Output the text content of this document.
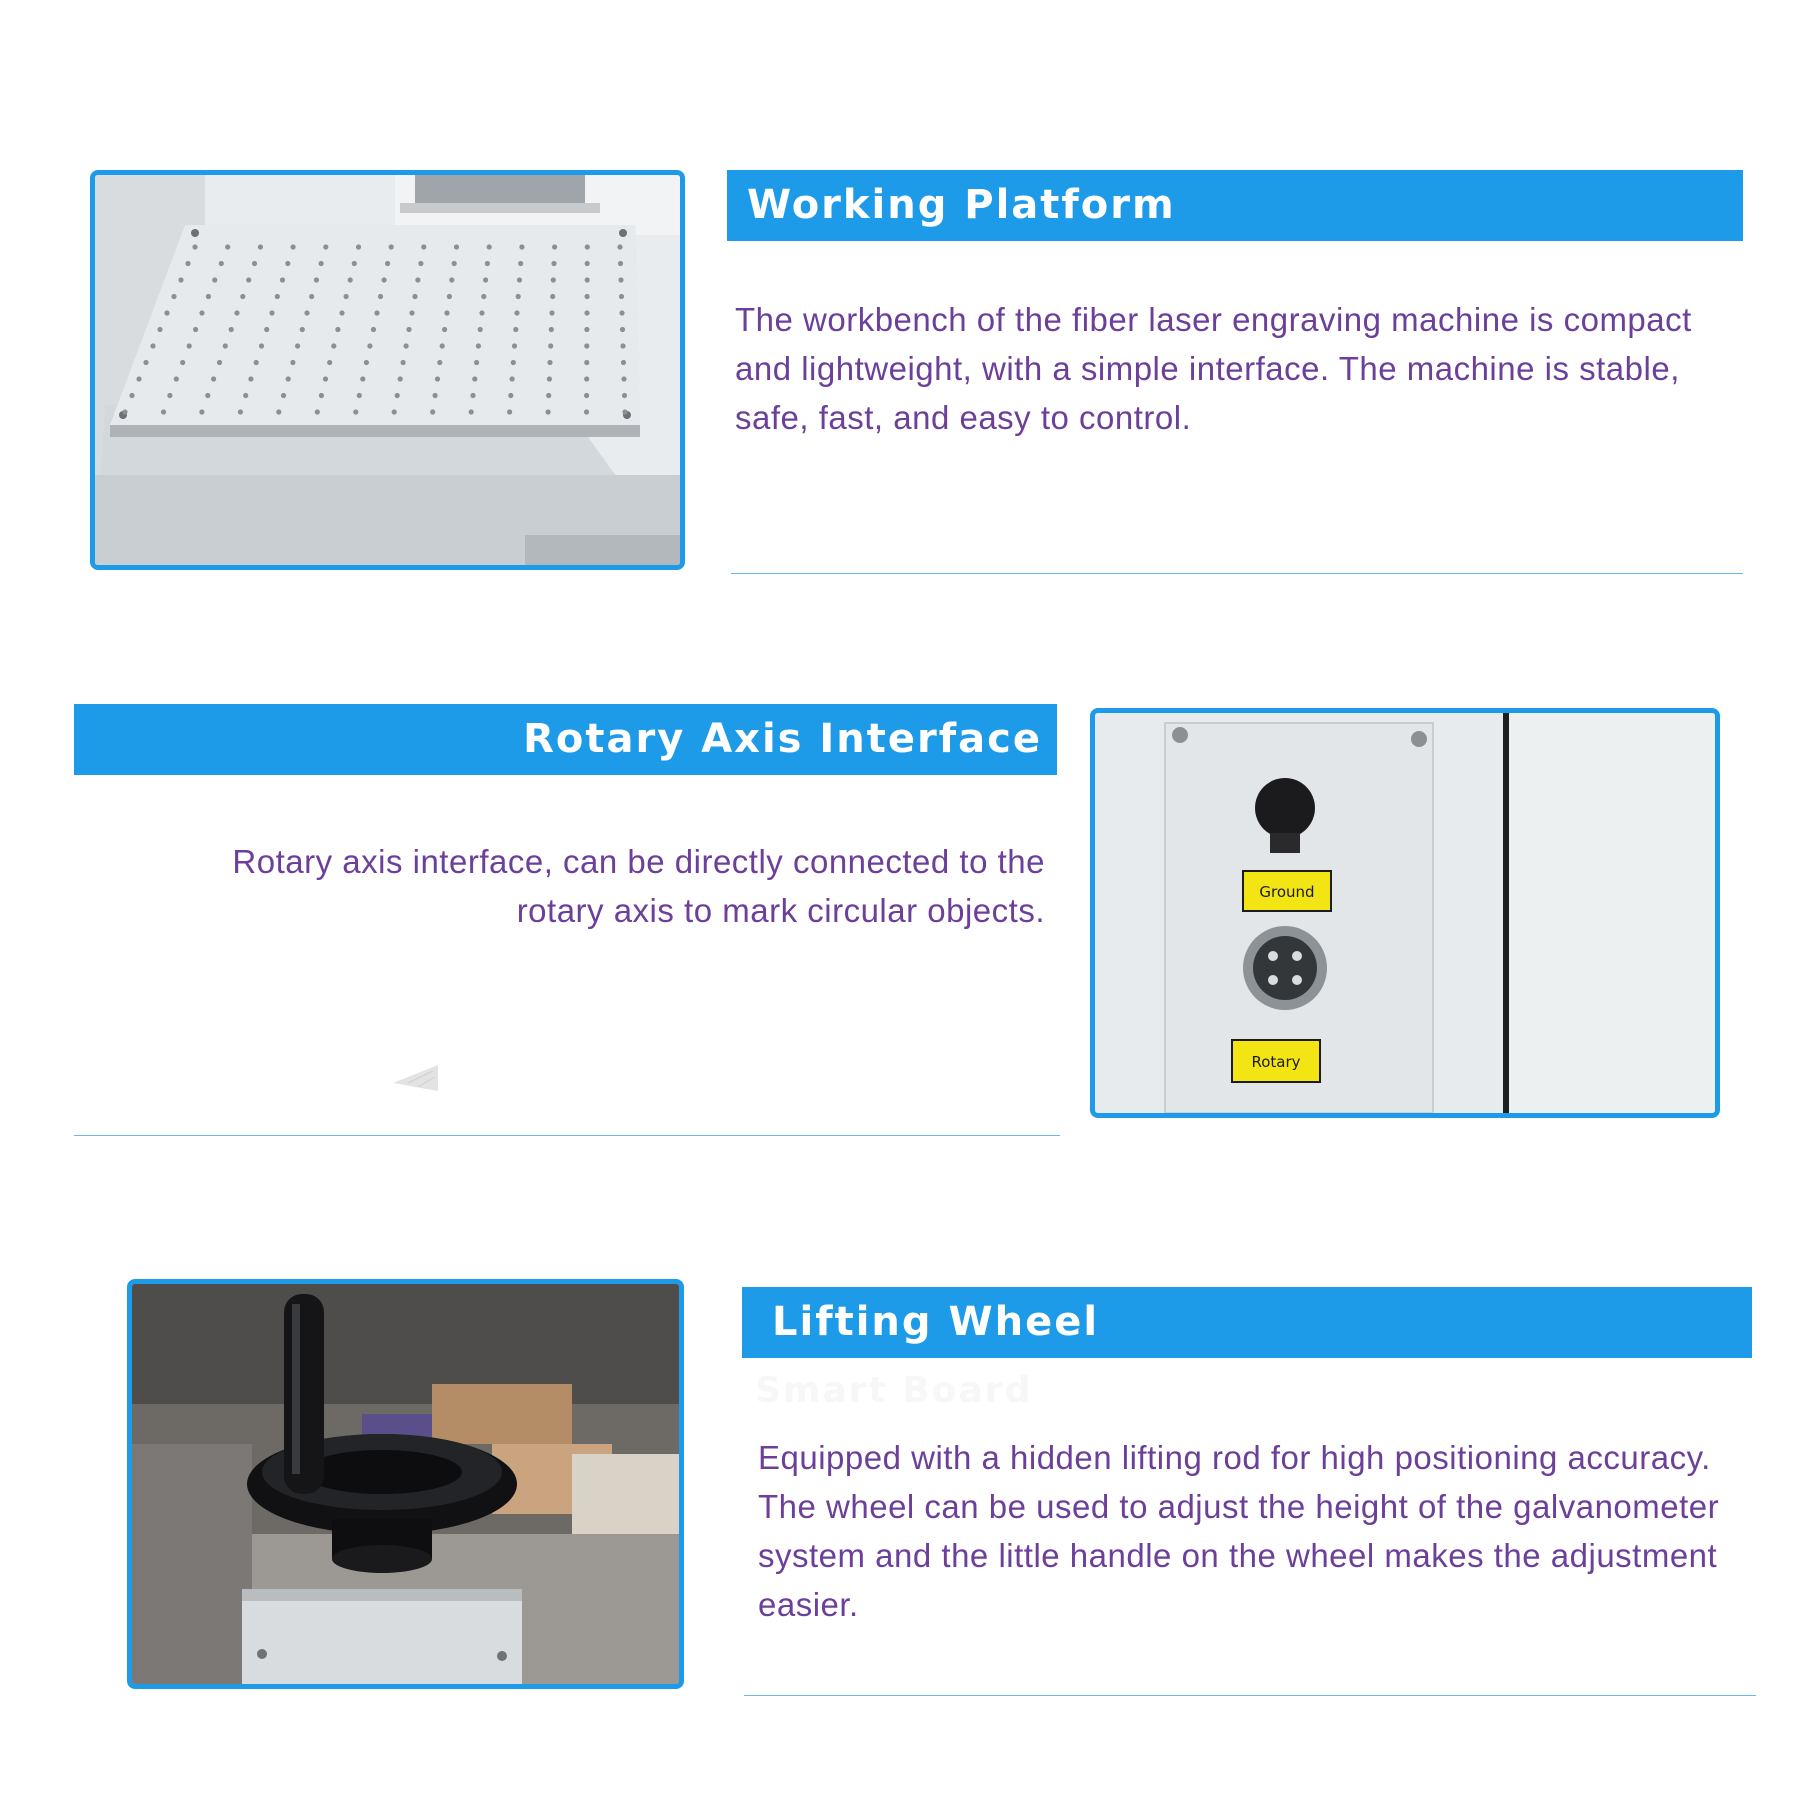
Working Platform

The workbench of the fiber laser engraving machine is compact and lightweight, with a simple interface. The machine is stable, safe, fast, and easy to control.

Rotary Axis Interface

Rotary axis interface, can be directly connected to the rotary axis to mark circular objects.	Ground
Rotary
Lifting Wheel
Smart Board

Equipped with a hidden lifting rod for high positioning accuracy. The wheel can be used to adjust the height of the galvanometer system and the little handle on the wheel makes the adjustment easier.
